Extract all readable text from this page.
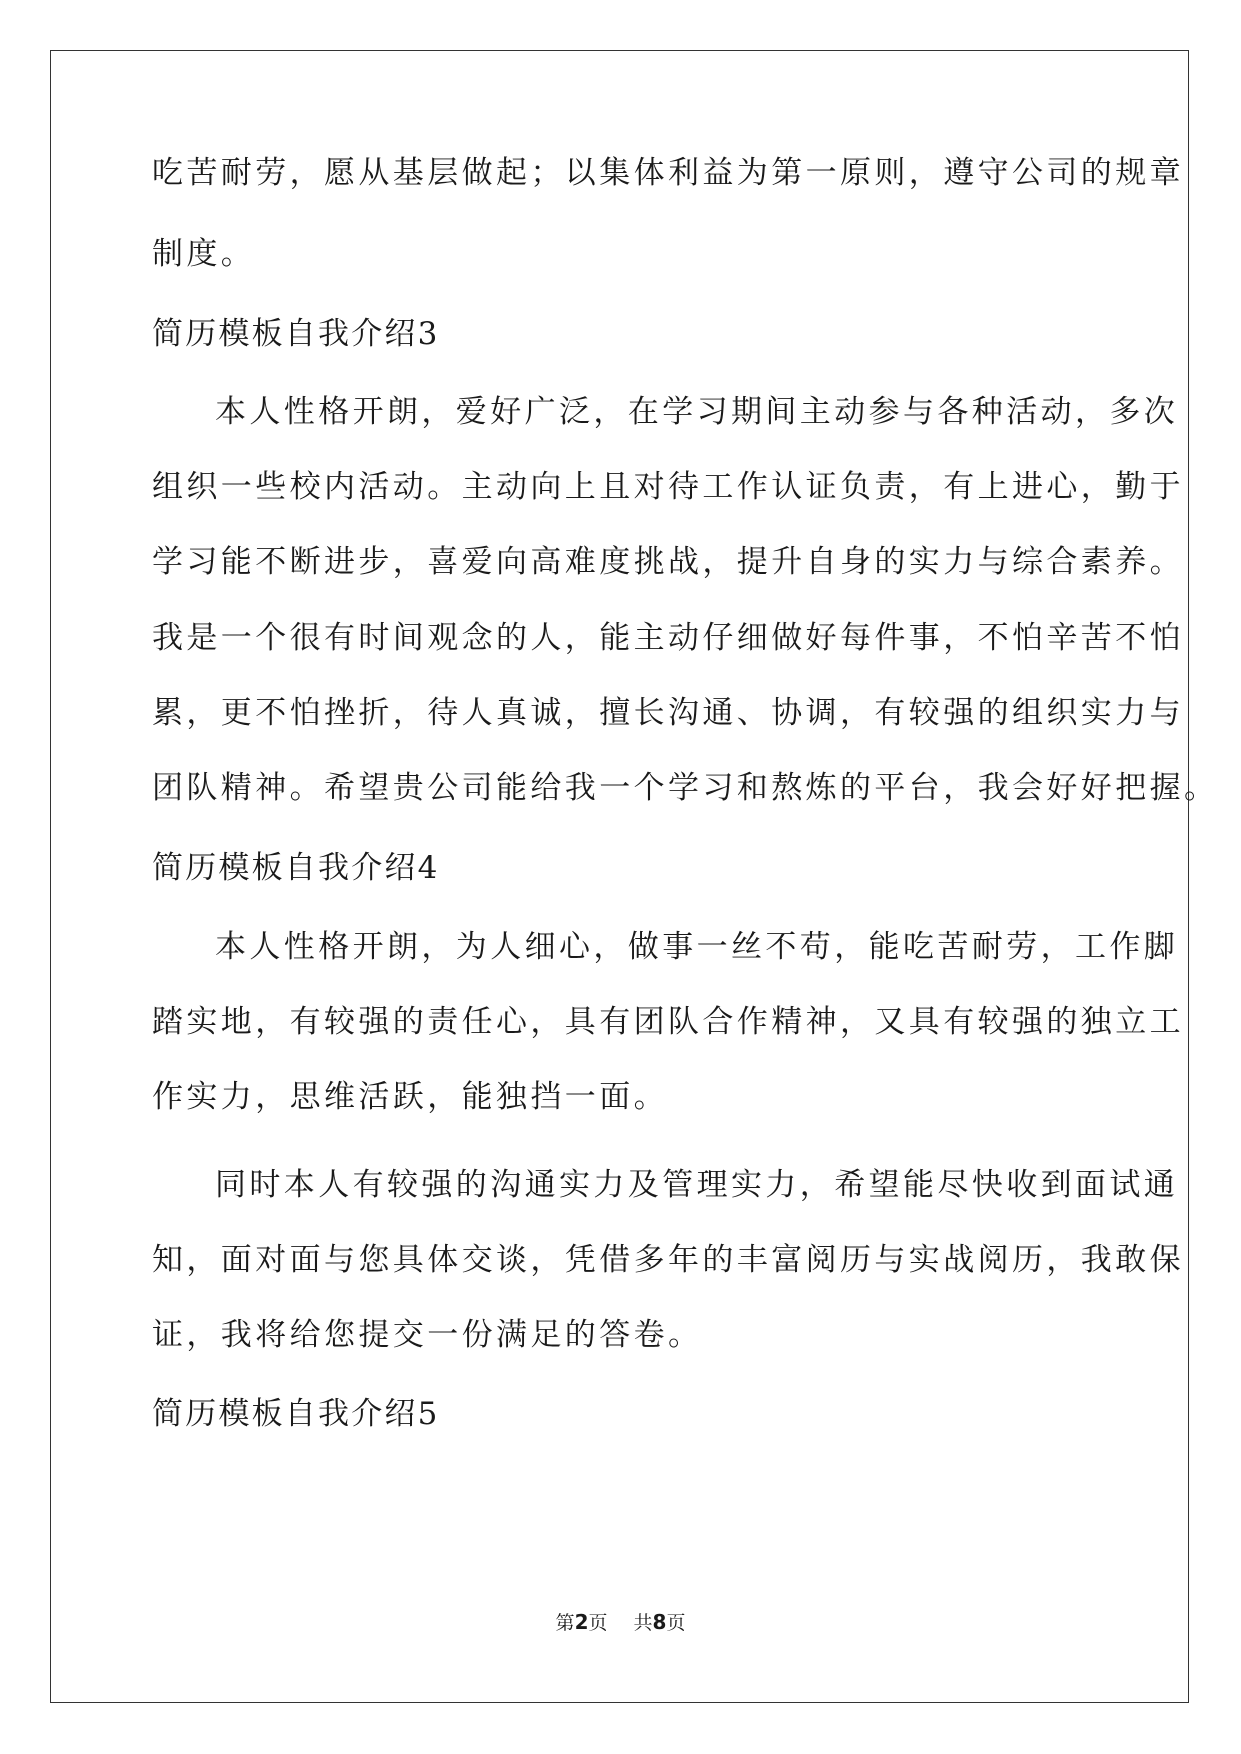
吃苦耐劳，愿从基层做起；以集体利益为第一原则，遵守公司的规章
制度。
简历模板自我介绍3
本人性格开朗，爱好广泛，在学习期间主动参与各种活动，多次
组织一些校内活动。主动向上且对待工作认证负责，有上进心，勤于
学习能不断进步，喜爱向高难度挑战，提升自身的实力与综合素养。
我是一个很有时间观念的人，能主动仔细做好每件事，不怕辛苦不怕
累，更不怕挫折，待人真诚，擅长沟通、协调，有较强的组织实力与
团队精神。希望贵公司能给我一个学习和熬炼的平台，我会好好把握。
简历模板自我介绍4
本人性格开朗，为人细心，做事一丝不苟，能吃苦耐劳，工作脚
踏实地，有较强的责任心，具有团队合作精神，又具有较强的独立工
作实力，思维活跃，能独挡一面。
同时本人有较强的沟通实力及管理实力，希望能尽快收到面试通
知，面对面与您具体交谈，凭借多年的丰富阅历与实战阅历，我敢保
证，我将给您提交一份满足的答卷。
简历模板自我介绍5
第2页 共8页
